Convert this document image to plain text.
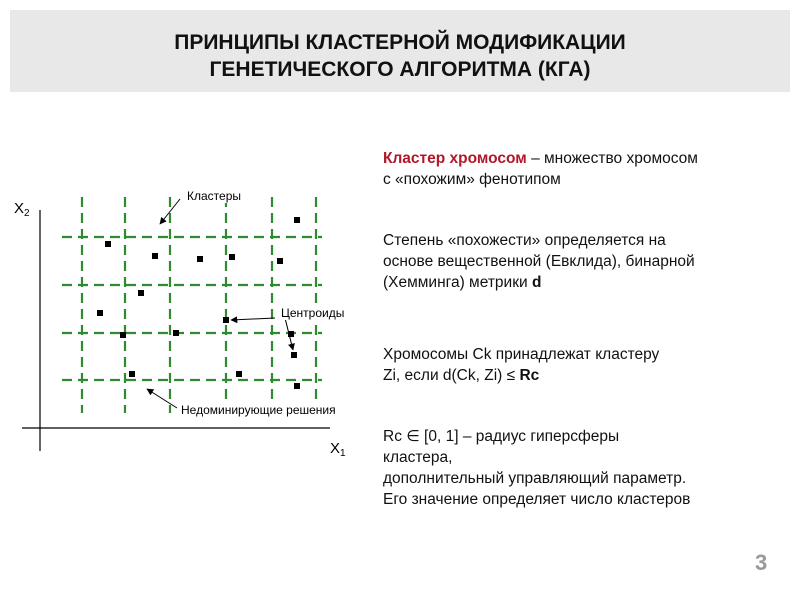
ПРИНЦИПЫ КЛАСТЕРНОЙ МОДИФИКАЦИИ
ГЕНЕТИЧЕСКОГО АЛГОРИТМА (КГА)
$X_2$
$X_1$
Кластеры
Центроиды
Недоминирующие решения
Кластер хромосом – множество хромосом
с «похожим» фенотипом
Степень «похожести» определяется на
основе вещественной (Евклида), бинарной
(Хемминга) метрики d
Хромосомы Ck принадлежат кластеру
Zi, если d(Ck, Zi) ≤ Rc
Rc ∈ [0, 1] – радиус гиперсферы
кластера,
дополнительный управляющий параметр.
Его значение определяет число кластеров
3
